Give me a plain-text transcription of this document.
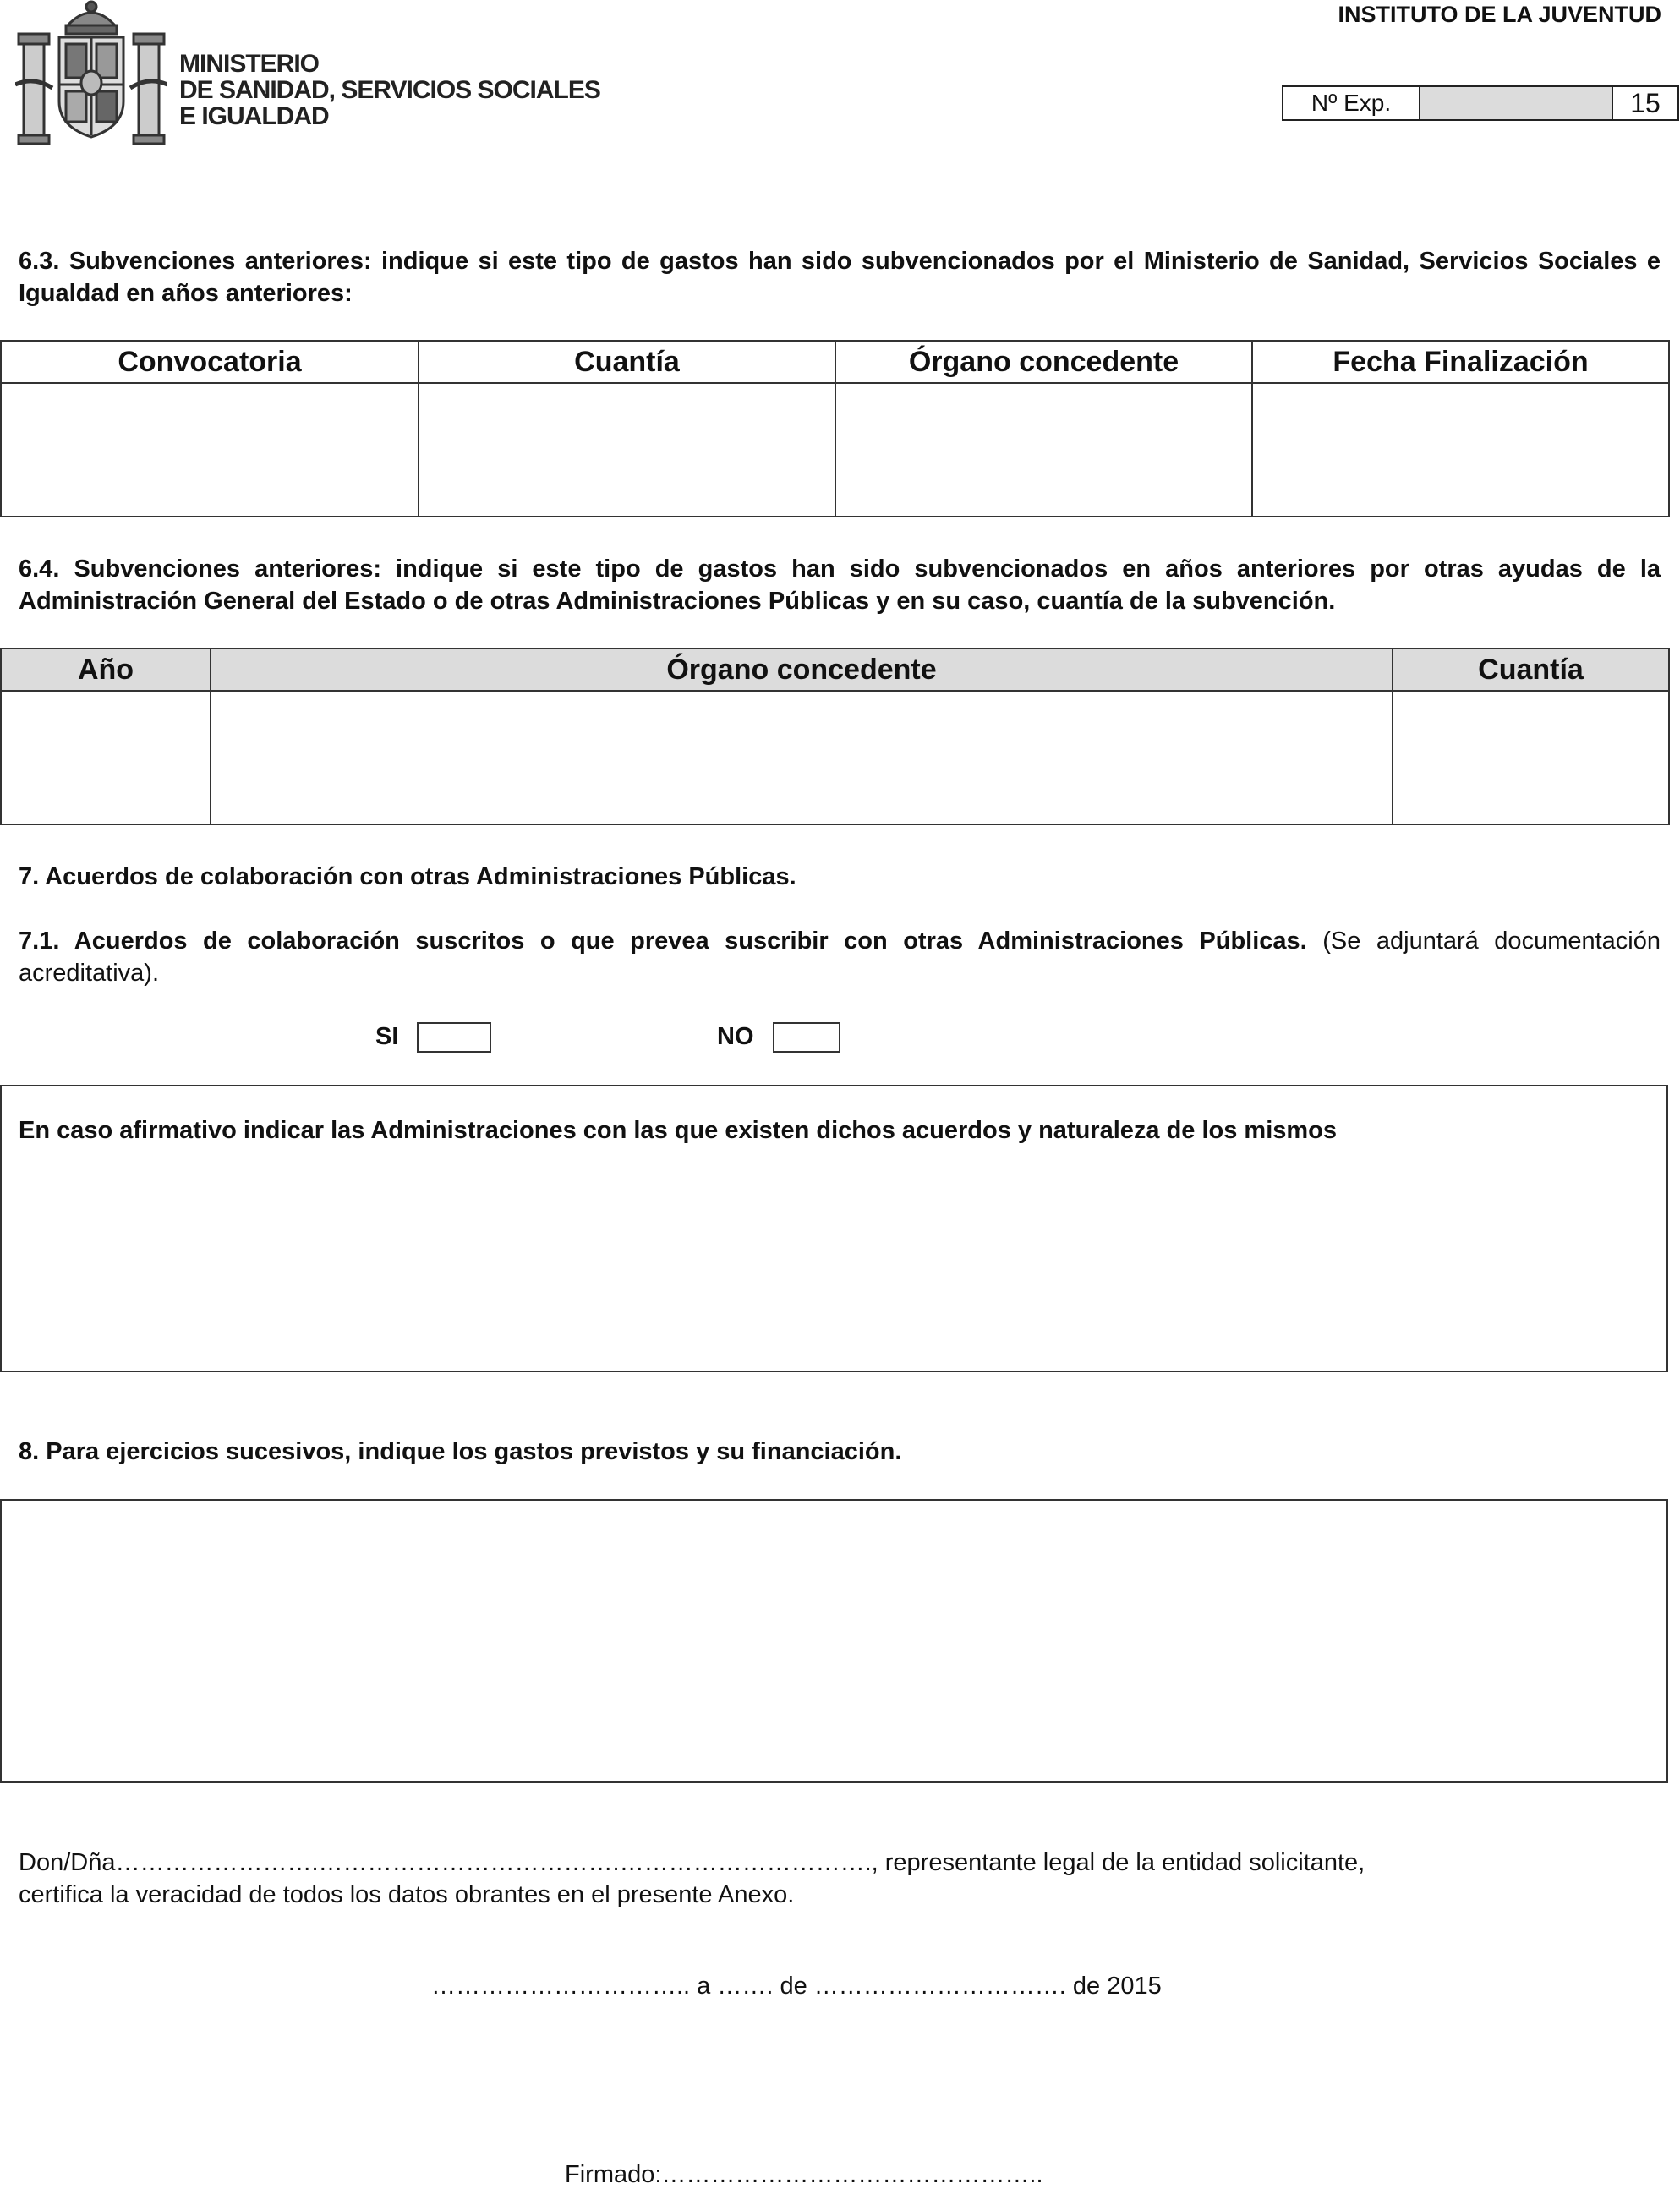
MINISTERIO
DE SANIDAD, SERVICIOS SOCIALES
E IGUALDAD
INSTITUTO DE LA JUVENTUD
Nº Exp.	15
6.3. Subvenciones anteriores: indique si este tipo de gastos han sido subvencionados por el Ministerio de Sanidad, Servicios Sociales e Igualdad en años anteriores:
Convocatoria	Cuantía	Órgano concedente	Fecha Finalización

6.4. Subvenciones anteriores: indique si este tipo de gastos han sido subvencionados en años anteriores por otras ayudas de la Administración General del Estado o de otras Administraciones Públicas y en su caso, cuantía de la subvención.
Año	Órgano concedente	Cuantía

7. Acuerdos de colaboración con otras Administraciones Públicas.
7.1. Acuerdos de colaboración suscritos o que prevea suscribir con otras Administraciones Públicas. (Se adjuntará documentación acreditativa).
SI	NO
En caso afirmativo indicar las Administraciones con las que existen dichos acuerdos y naturaleza de los mismos
8. Para ejercicios sucesivos, indique los gastos previstos y su financiación.
Don/Dña…………………….……………………………….…………………………., representante legal de la entidad solicitante,
certifica la veracidad de todos los datos obrantes en el presente Anexo.
………………………….. a ……. de …………………………. de 2015
Firmado:………………………………………..
